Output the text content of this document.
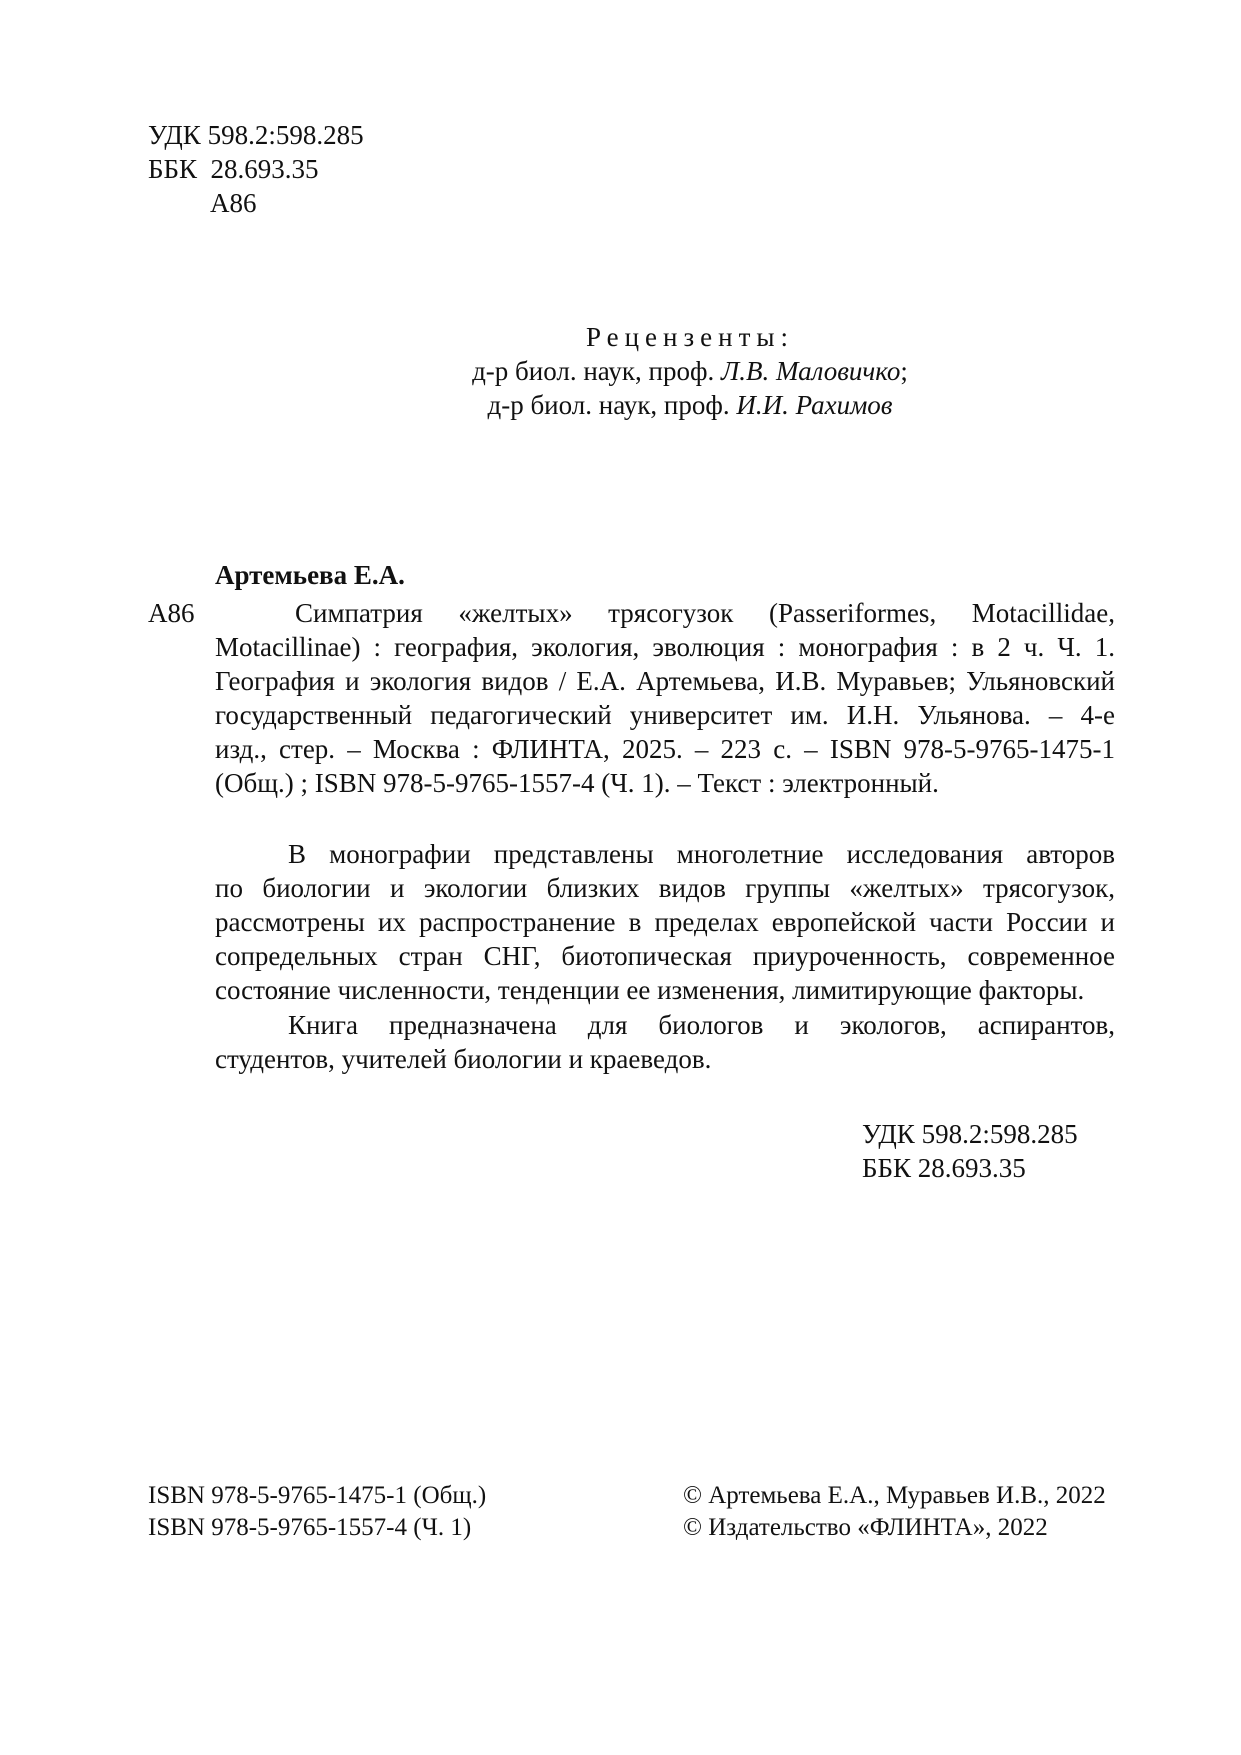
УДК 598.2:598.285
ББК  28.693.35
А86
Рецензенты:
д-р биол. наук, проф. Л.В. Маловичко;
д-р биол. наук, проф. И.И. Рахимов
Артемьева Е.А.
А86	Симпатрия «желтых» трясогузок (Passeriformes, Motacillidae,
Motacillinae) : география, экология, эволюция : монография : в 2 ч. Ч. 1.
География и экология видов / Е.А. Артемьева, И.В. Муравьев; Ульяновский
государственный педагогический университет им. И.Н. Ульянова. – 4-е
изд., стер. – Москва : ФЛИНТА, 2025. – 223 с. – ISBN 978-5-9765-1475-1
(Общ.) ; ISBN 978-5-9765-1557-4 (Ч. 1). – Текст : электронный.
В монографии представлены многолетние исследования авторов
по биологии и экологии близких видов группы «желтых» трясогузок,
рассмотрены их распространение в пределах европейской части России и
сопредельных стран СНГ, биотопическая приуроченность, современное
состояние численности, тенденции ее изменения, лимитирующие факторы.
Книга предназначена для биологов и экологов, аспирантов,
студентов, учителей биологии и краеведов.
УДК 598.2:598.285
ББК 28.693.35
ISBN 978-5-9765-1475-1 (Общ.)
ISBN 978-5-9765-1557-4 (Ч. 1)
© Артемьева Е.А., Муравьев И.В., 2022
© Издательство «ФЛИНТА», 2022
